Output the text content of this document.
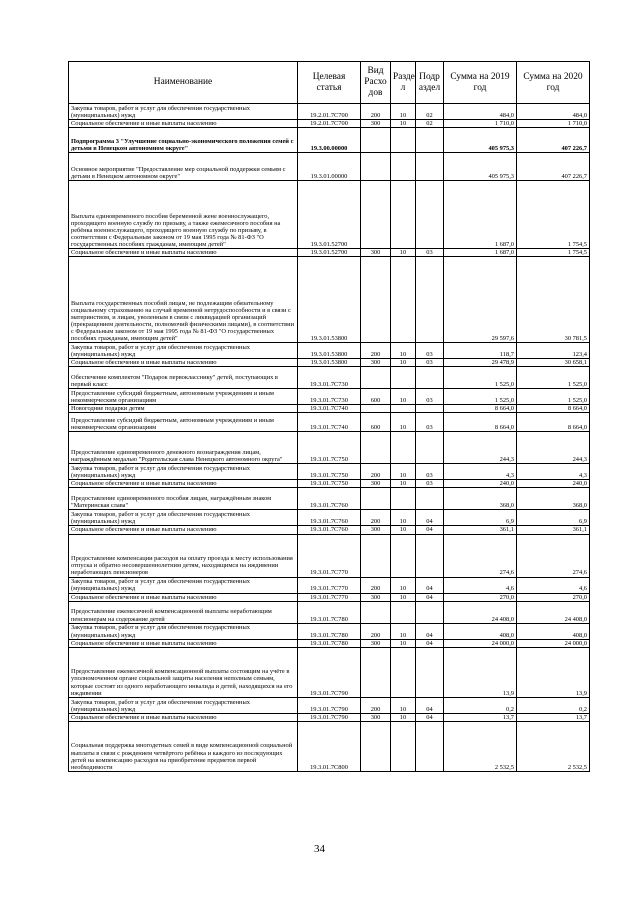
Наименование	Целевая статья	Вид Расхо дов	Разде л	Подр аздел	Сумма на 2019 год	Сумма на 2020 год
Закупка товаров, работ и услуг для обеспечения государственных (муниципальных) нужд	19.2.01.7С700	200	10	02	484,0	484,0
Социальное обеспечение и иные выплаты населению	19.2.01.7С700	300	10	02	1 710,0	1 710,0
Подпрограмма 3 "Улучшение социально-экономического положения семей с детьми в Ненецком автономном округе"	19.3.00.00000				405 975,3	407 226,7
Основное мероприятие "Предоставление мер социальной поддержки семьям с детьми в Ненецком автономном округе"	19.3.01.00000				405 975,3	407 226,7
Выплата единовременного пособия беременной жене военнослужащего, проходящего военную службу по призыву, а также ежемесячного пособия на ребёнка военнослужащего, проходящего военную службу по призыву, в соответствии с Федеральным законом от 19 мая 1995 года № 81-ФЗ "О государственных пособиях гражданам, имеющим детей"	19.3.01.52700				1 687,0	1 754,5
Социальное обеспечение и иные выплаты населению	19.3.01.52700	300	10	03	1 687,0	1 754,5
Выплата государственных пособий лицам, не подлежащим обязательному социальному страхованию на случай временной нетрудоспособности и в связи с материнством, и лицам, уволенным в связи с ликвидацией организаций (прекращением деятельности, полномочий физическими лицами), в соответствии с Федеральным законом от 19 мая 1995 года № 81-ФЗ "О государственных пособиях гражданам, имеющим детей"	19.3.01.53800				29 597,6	30 781,5
Закупка товаров, работ и услуг для обеспечения государственных (муниципальных) нужд	19.3.01.53800	200	10	03	118,7	123,4
Социальное обеспечение и иные выплаты населению	19.3.01.53800	300	10	03	29 478,9	30 658,1
Обеспечение комплектом "Подарок первокласснику" детей, поступающих в первый класс	19.3.01.7С730				1 525,0	1 525,0
Предоставление субсидий бюджетным, автономным учреждениям и иным некоммерческим организациям	19.3.01.7С730	600	10	03	1 525,0	1 525,0
Новогодние подарки детям	19.3.01.7С740				8 664,0	8 664,0
Предоставление субсидий бюджетным, автономным учреждениям и иным некоммерческим организациям	19.3.01.7С740	600	10	03	8 664,0	8 664,0
Предоставление единовременного денежного вознаграждения лицам, награждённым медалью "Родительская слава Ненецкого автономного округа"	19.3.01.7С750				244,3	244,3
Закупка товаров, работ и услуг для обеспечения государственных (муниципальных) нужд	19.3.01.7С750	200	10	03	4,3	4,3
Социальное обеспечение и иные выплаты населению	19.3.01.7С750	300	10	03	240,0	240,0
Предоставление единовременного пособия лицам, награждённым знаком "Материнская слава"	19.3.01.7С760				368,0	368,0
Закупка товаров, работ и услуг для обеспечения государственных (муниципальных) нужд	19.3.01.7С760	200	10	04	6,9	6,9
Социальное обеспечение и иные выплаты населению	19.3.01.7С760	300	10	04	361,1	361,1
Предоставление компенсации расходов на оплату проезда к месту использования отпуска и обратно несовершеннолетним детям, находящимся на иждивении неработающих пенсионеров	19.3.01.7С770				274,6	274,6
Закупка товаров, работ и услуг для обеспечения государственных (муниципальных) нужд	19.3.01.7С770	200	10	04	4,6	4,6
Социальное обеспечение и иные выплаты населению	19.3.01.7С770	300	10	04	270,0	270,0
Предоставление ежемесячной компенсационной выплаты неработающим пенсионерам на содержание детей	19.3.01.7С780				24 408,0	24 408,0
Закупка товаров, работ и услуг для обеспечения государственных (муниципальных) нужд	19.3.01.7С780	200	10	04	408,0	408,0
Социальное обеспечение и иные выплаты населению	19.3.01.7С780	300	10	04	24 000,0	24 000,0
Предоставление ежемесячной компенсационной выплаты состоящим на учёте в уполномоченном органе социальной защиты населения неполным семьям, которые состоят из одного неработающего инвалида и детей, находящихся на его иждивении	19.3.01.7С790				13,9	13,9
Закупка товаров, работ и услуг для обеспечения государственных (муниципальных) нужд	19.3.01.7С790	200	10	04	0,2	0,2
Социальное обеспечение и иные выплаты населению	19.3.01.7С790	300	10	04	13,7	13,7
Социальная поддержка многодетных семей в виде компенсационной социальной выплаты в связи с рождением четвёртого ребёнка и каждого из последующих детей на компенсацию расходов на приобретение предметов первой необходимости	19.3.01.7С800				2 532,5	2 532,5
34
